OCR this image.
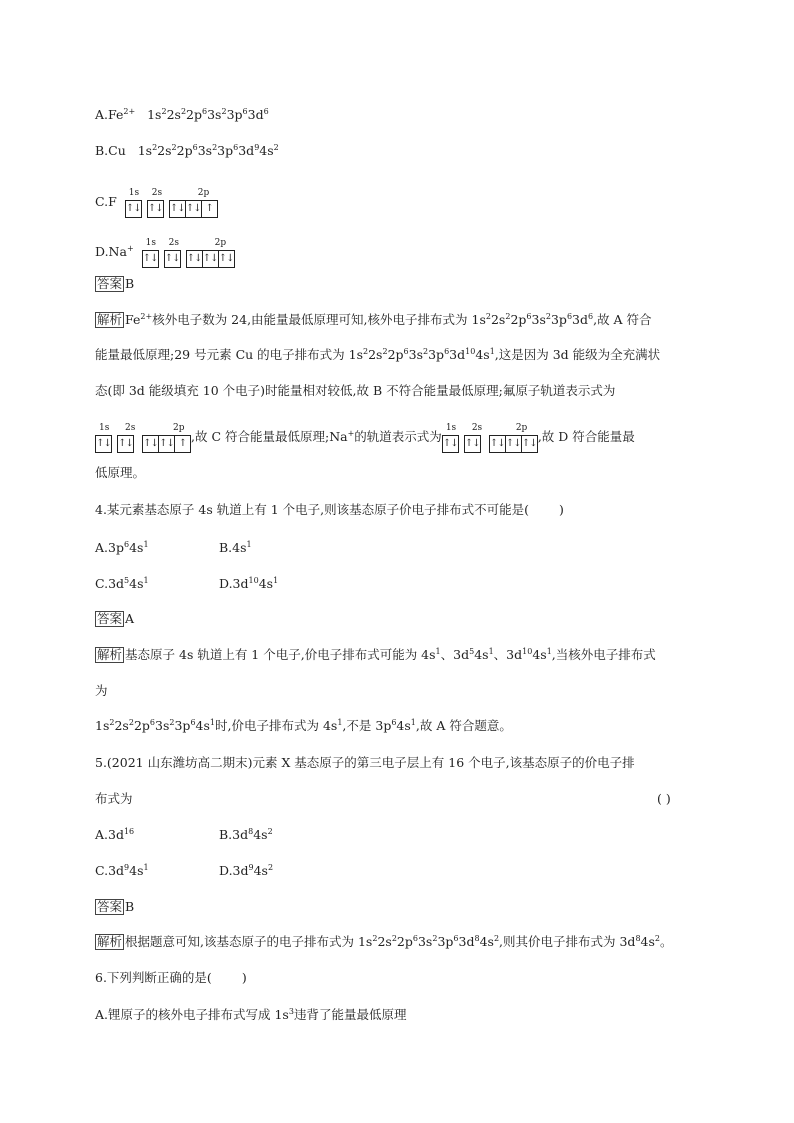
$A.Fe^{2+}$   $1s^22s^22p^63s^23p^63d^6$
B.Cu   $1s^22s^22p^63s^23p^63d^94s^2$
C.F
1s 2s	2p
↑↓ ↑↓ ↑↓↑↓ ↑
D.Na+
1s 2s	2p
↑↓ ↑↓ ↑↓↑↓↑↓
答案 B
解析 $Fe^{2+}$核外电子数为 24,由能量最低原理可知,核外电子排布式为 $1s^22s^22p^63s^23p^63d^6$,故 A 符合
能量最低原理;29 号元素 Cu 的电子排布式为 $1s^22s^22p^63s^23p^63d^{10}4s^1$,这是因为 3d 能级为全充满状
态(即 3d 能级填充 10 个电子)时能量相对较低,故 B 不符合能量最低原理;氟原子轨道表示式为
1s 2s	2p
↑↓ ↑↓ ↑↓↑↓ ↑ ,故 C 符合能量最低原理;Na+的轨道表示式为
1s 2s	2p
↑↓ ↑↓ ↑↓↑↓↑↓,故 D 符合能量最
低原理。
4.某元素基态原子 4s 轨道上有 1 个电子,则该基态原子价电子排布式不可能是( )
$A.3p^64s^1$	$B.4s^1$
$C.3d^54s^1$	$D.3d^{10}4s^1$
答案 A
解析 基态原子 4s 轨道上有 1 个电子,价电子排布式可能为 $4s^1$、$3d^54s^1$、$3d^{10}4s^1$,当核外电子排布式
为
$1s^22s^22p^63s^23p^64s^1$时,价电子排布式为 $4s^1$,不是 $3p^64s^1$,故 A 符合题意。
5.(2021 山东潍坊高二期末)元素 X 基态原子的第三电子层上有 16 个电子,该基态原子的价电子排
布式为	( )
$A.3d^{16}$	$B.3d^84s^2$
$C.3d^94s^1$	$D.3d^94s^2$
答案 B
解析 根据题意可知,该基态原子的电子排布式为 $1s^22s^22p^63s^23p^63d^84s^2$,则其价电子排布式为 $3d^84s^2$。
6.下列判断正确的是( )
A.锂原子的核外电子排布式写成 $1s^3$违背了能量最低原理
